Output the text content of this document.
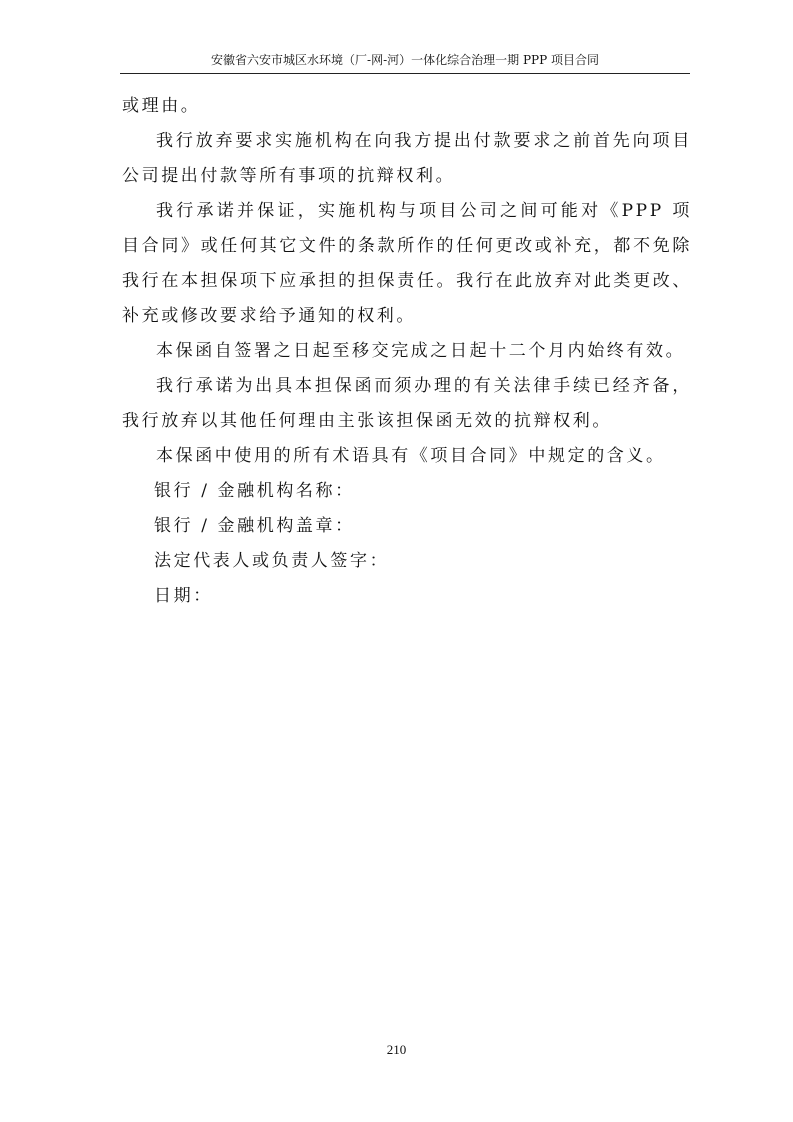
安徽省六安市城区水环境（厂-网-河）一体化综合治理一期 PPP 项目合同

或理由。

我行放弃要求实施机构在向我方提出付款要求之前首先向项目公司提出付款等所有事项的抗辩权利。

我行承诺并保证，实施机构与项目公司之间可能对《PPP 项目合同》或任何其它文件的条款所作的任何更改或补充，都不免除我行在本担保项下应承担的担保责任。我行在此放弃对此类更改、补充或修改要求给予通知的权利。

本保函自签署之日起至移交完成之日起十二个月内始终有效。

我行承诺为出具本担保函而须办理的有关法律手续已经齐备，我行放弃以其他任何理由主张该担保函无效的抗辩权利。

本保函中使用的所有术语具有《项目合同》中规定的含义。

银行 / 金融机构名称：

银行 / 金融机构盖章：

法定代表人或负责人签字：

日期：

210
